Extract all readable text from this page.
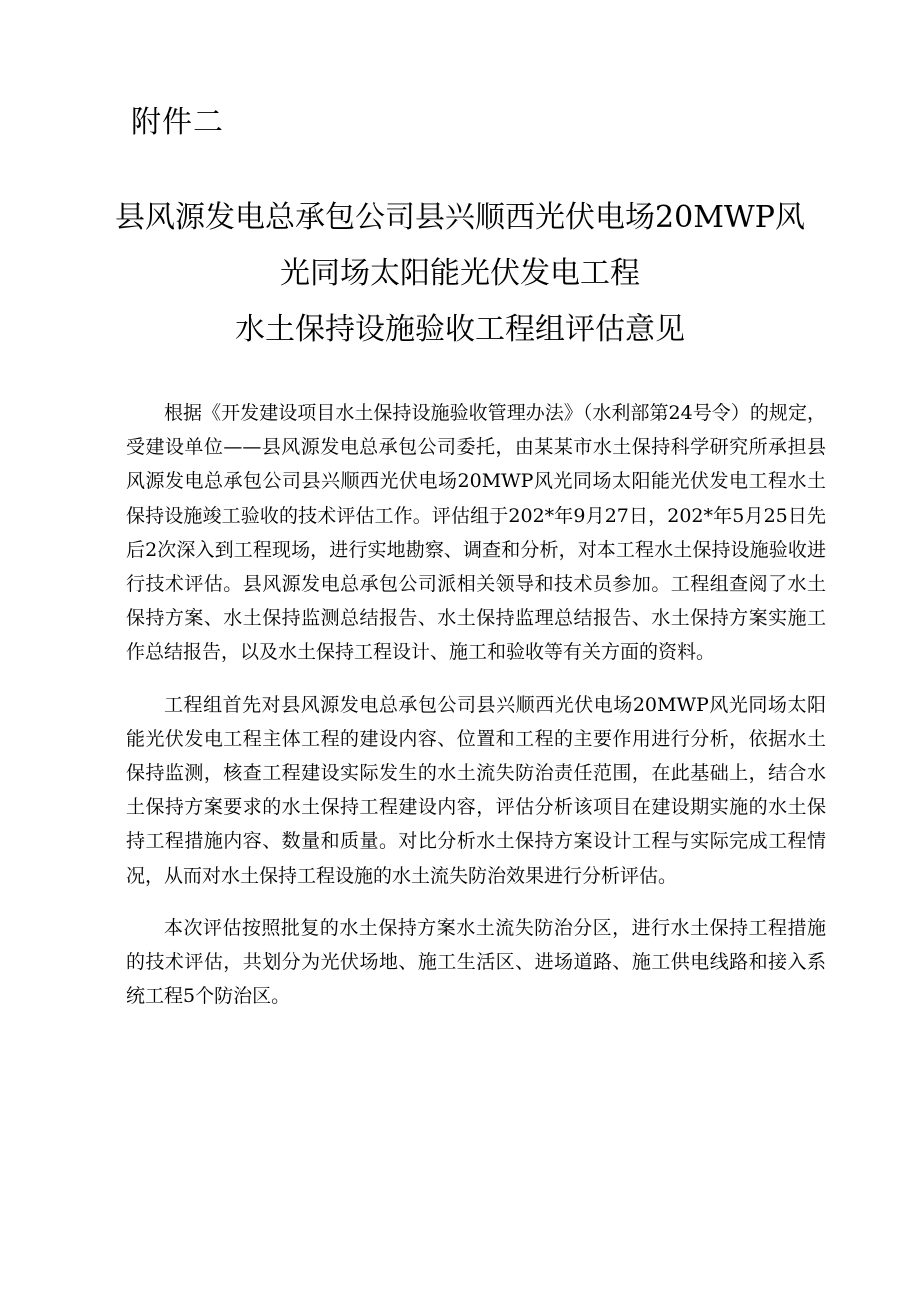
附件二
县风源发电总承包公司县兴顺西光伏电场20MWP风
光同场太阳能光伏发电工程
水土保持设施验收工程组评估意见

根据《开发建设项目水土保持设施验收管理办法》（水利部第24号令）的规定，受建设单位——县风源发电总承包公司委托，由某某市水土保持科学研究所承担县风源发电总承包公司县兴顺西光伏电场20MWP风光同场太阳能光伏发电工程水土保持设施竣工验收的技术评估工作。评估组于202*年9月27日，202*年5月25日先后2次深入到工程现场，进行实地勘察、调查和分析，对本工程水土保持设施验收进行技术评估。县风源发电总承包公司派相关领导和技术员参加。工程组查阅了水土保持方案、水土保持监测总结报告、水土保持监理总结报告、水土保持方案实施工作总结报告，以及水土保持工程设计、施工和验收等有关方面的资料。

工程组首先对县风源发电总承包公司县兴顺西光伏电场20MWP风光同场太阳能光伏发电工程主体工程的建设内容、位置和工程的主要作用进行分析，依据水土保持监测，核查工程建设实际发生的水土流失防治责任范围，在此基础上，结合水土保持方案要求的水土保持工程建设内容，评估分析该项目在建设期实施的水土保持工程措施内容、数量和质量。对比分析水土保持方案设计工程与实际完成工程情况，从而对水土保持工程设施的水土流失防治效果进行分析评估。

本次评估按照批复的水土保持方案水土流失防治分区，进行水土保持工程措施的技术评估，共划分为光伏场地、施工生活区、进场道路、施工供电线路和接入系统工程5个防治区。
